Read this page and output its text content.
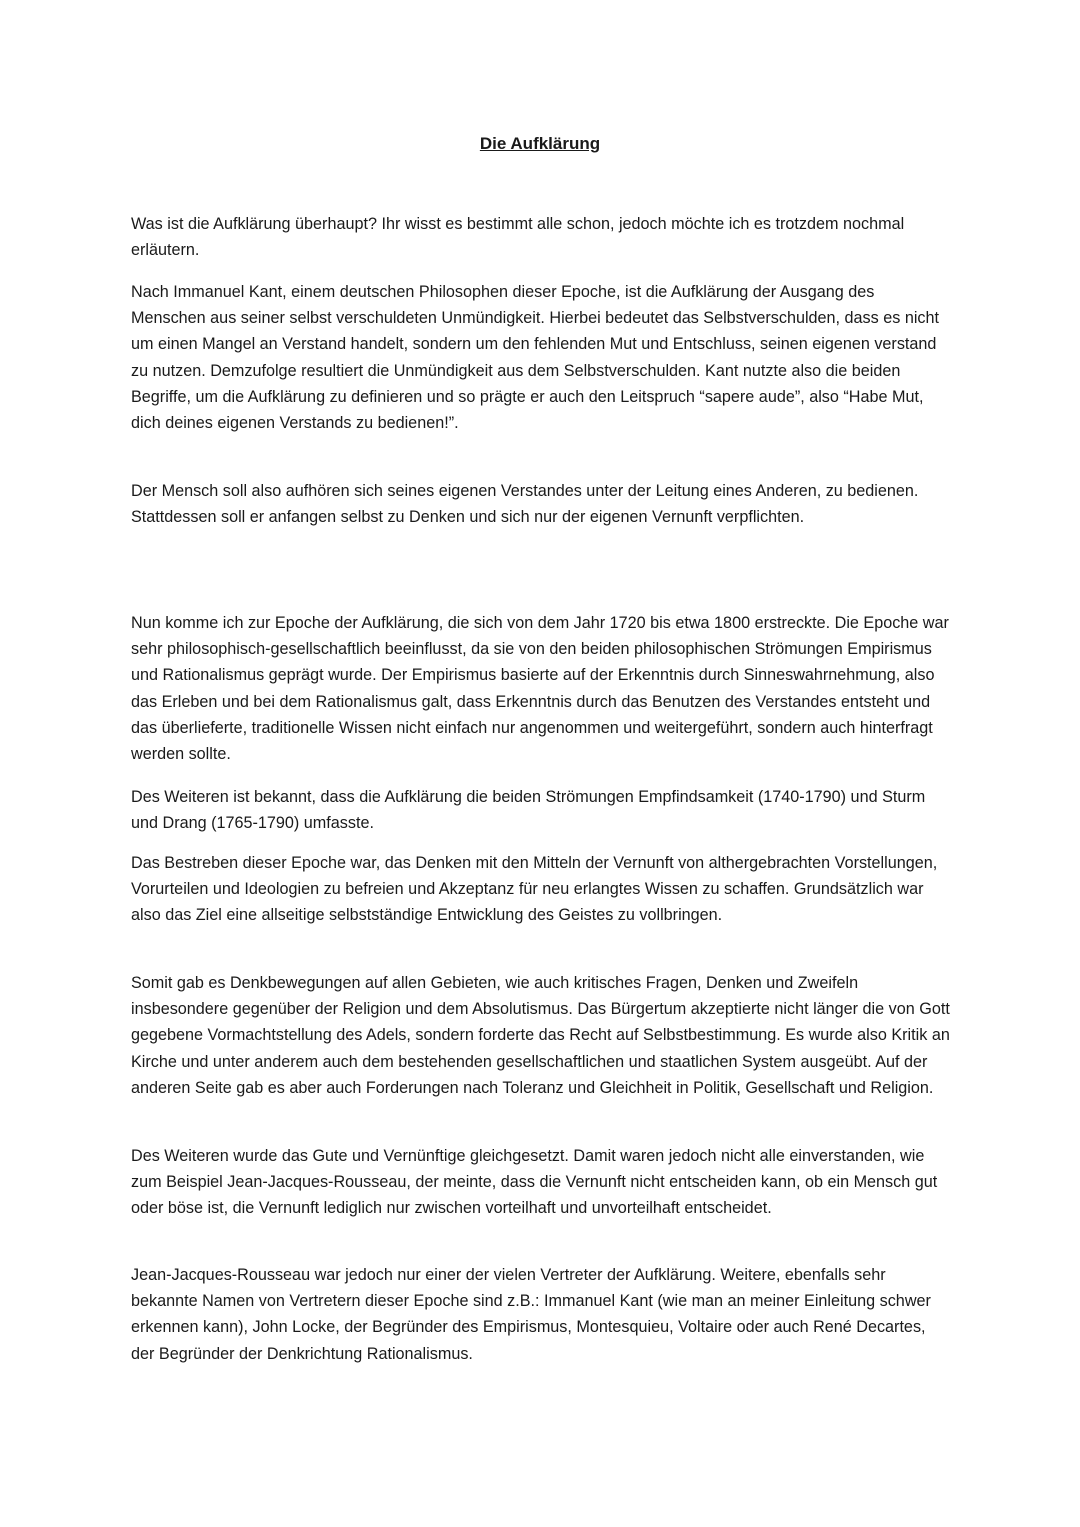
Die Aufklärung

Was ist die Aufklärung überhaupt? Ihr wisst es bestimmt alle schon, jedoch möchte ich es trotzdem nochmal erläutern.

Nach Immanuel Kant, einem deutschen Philosophen dieser Epoche, ist die Aufklärung der Ausgang des Menschen aus seiner selbst verschuldeten Unmündigkeit. Hierbei bedeutet das Selbstverschulden, dass es nicht um einen Mangel an Verstand handelt, sondern um den fehlenden Mut und Entschluss, seinen eigenen verstand zu nutzen. Demzufolge resultiert die Unmündigkeit aus dem Selbstverschulden. Kant nutzte also die beiden Begriffe, um die Aufklärung zu definieren und so prägte er auch den Leitspruch “sapere aude”, also “Habe Mut, dich deines eigenen Verstands zu bedienen!”.

Der Mensch soll also aufhören sich seines eigenen Verstandes unter der Leitung eines Anderen, zu bedienen. Stattdessen soll er anfangen selbst zu Denken und sich nur der eigenen Vernunft verpflichten.

Nun komme ich zur Epoche der Aufklärung, die sich von dem Jahr 1720 bis etwa 1800 erstreckte. Die Epoche war sehr philosophisch-gesellschaftlich beeinflusst, da sie von den beiden philosophischen Strömungen Empirismus und Rationalismus geprägt wurde. Der Empirismus basierte auf der Erkenntnis durch Sinneswahrnehmung, also das Erleben und bei dem Rationalismus galt, dass Erkenntnis durch das Benutzen des Verstandes entsteht und das überlieferte, traditionelle Wissen nicht einfach nur angenommen und weitergeführt, sondern auch hinterfragt werden sollte.

Des Weiteren ist bekannt, dass die Aufklärung die beiden Strömungen Empfindsamkeit (1740-1790) und Sturm und Drang (1765-1790) umfasste.

Das Bestreben dieser Epoche war, das Denken mit den Mitteln der Vernunft von althergebrachten Vorstellungen, Vorurteilen und Ideologien zu befreien und Akzeptanz für neu erlangtes Wissen zu schaffen. Grundsätzlich war also das Ziel eine allseitige selbstständige Entwicklung des Geistes zu vollbringen.

Somit gab es Denkbewegungen auf allen Gebieten, wie auch kritisches Fragen, Denken und Zweifeln insbesondere gegenüber der Religion und dem Absolutismus. Das Bürgertum akzeptierte nicht länger die von Gott gegebene Vormachtstellung des Adels, sondern forderte das Recht auf Selbstbestimmung. Es wurde also Kritik an Kirche und unter anderem auch dem bestehenden gesellschaftlichen und staatlichen System ausgeübt. Auf der anderen Seite gab es aber auch Forderungen nach Toleranz und Gleichheit in Politik, Gesellschaft und Religion.

Des Weiteren wurde das Gute und Vernünftige gleichgesetzt. Damit waren jedoch nicht alle einverstanden, wie zum Beispiel Jean-Jacques-Rousseau, der meinte, dass die Vernunft nicht entscheiden kann, ob ein Mensch gut oder böse ist, die Vernunft lediglich nur zwischen vorteilhaft und unvorteilhaft entscheidet.

Jean-Jacques-Rousseau war jedoch nur einer der vielen Vertreter der Aufklärung. Weitere, ebenfalls sehr bekannte Namen von Vertretern dieser Epoche sind z.B.: Immanuel Kant (wie man an meiner Einleitung schwer erkennen kann), John Locke, der Begründer des Empirismus, Montesquieu, Voltaire oder auch René Decartes, der Begründer der Denkrichtung Rationalismus.
